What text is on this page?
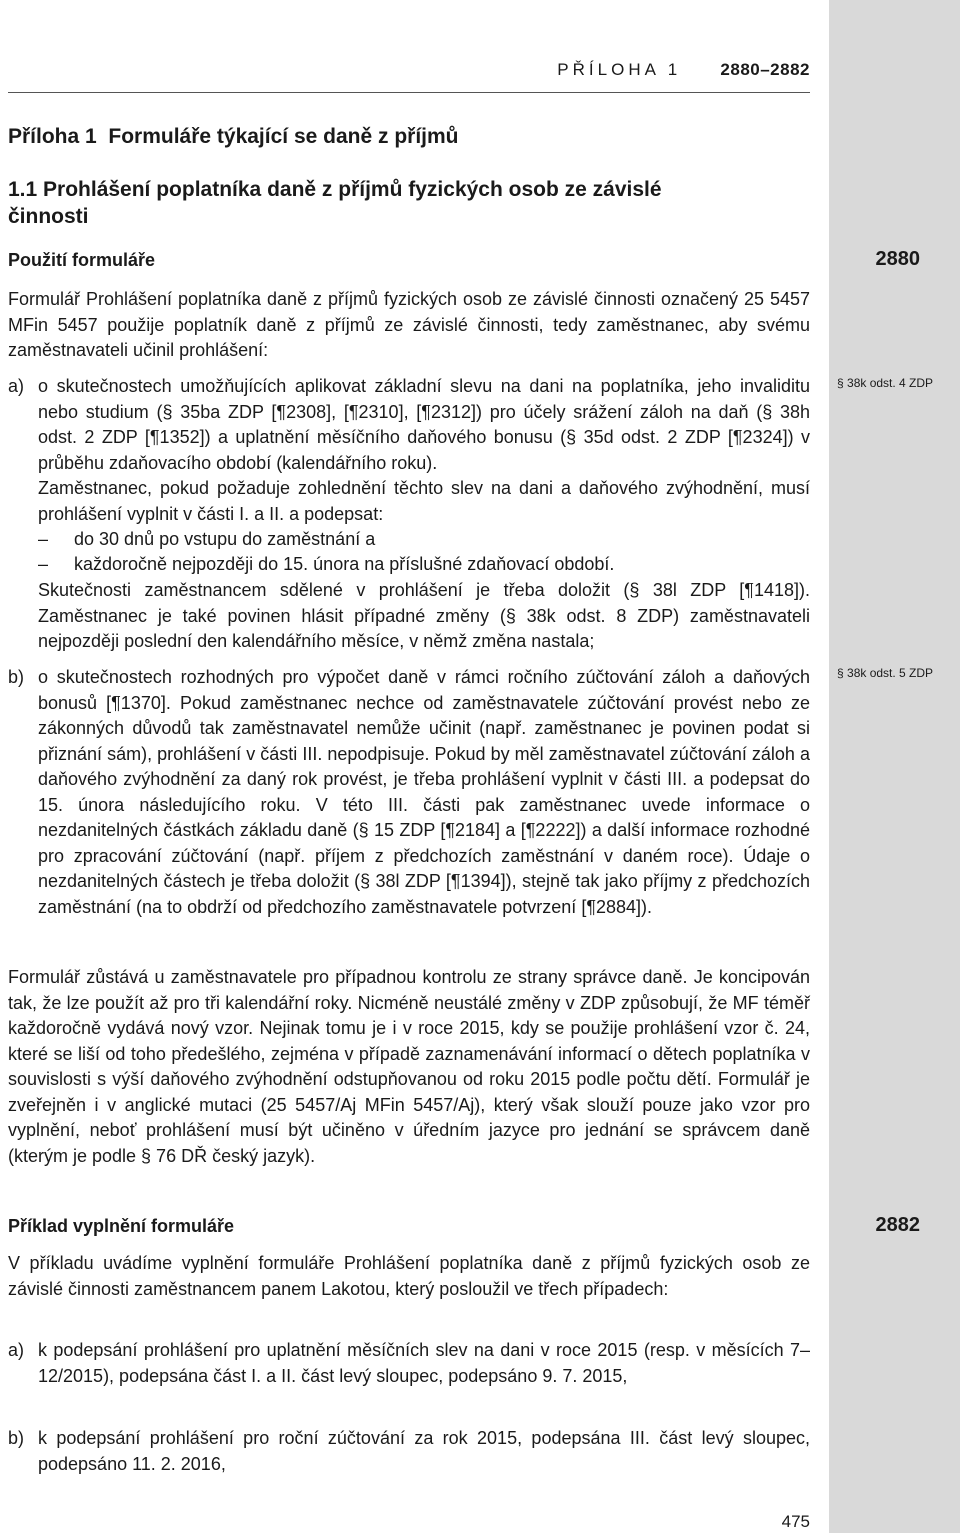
PŘÍLOHA 1 2880–2882
Příloha 1  Formuláře týkající se daně z příjmů
1.1 Prohlášení poplatníka daně z příjmů fyzických osob ze závislé činnosti
Použití formuláře

Formulář Prohlášení poplatníka daně z příjmů fyzických osob ze závislé činnosti označený 25 5457 MFin 5457 použije poplatník daně z příjmů ze závislé činnosti, tedy zaměstnanec, aby svému zaměstnavateli učinil prohlášení:

a) o skutečnostech umožňujících aplikovat základní slevu na dani na poplatníka, jeho invaliditu nebo studium (§ 35ba ZDP [¶2308], [¶2310], [¶2312]) pro účely srážení záloh na daň (§ 38h odst. 2 ZDP [¶1352]) a uplatnění měsíčního daňového bonusu (§ 35d odst. 2 ZDP [¶2324]) v průběhu zdaňovacího období (kalendářního roku).

Zaměstnanec, pokud požaduje zohlednění těchto slev na dani a daňového zvýhodnění, musí prohlášení vyplnit v části I. a II. a podepsat:

– do 30 dnů po vstupu do zaměstnání a

– každoročně nejpozději do 15. února na příslušné zdaňovací období.

Skutečnosti zaměstnancem sdělené v prohlášení je třeba doložit (§ 38l ZDP [¶1418]). Zaměstnanec je také povinen hlásit případné změny (§ 38k odst. 8 ZDP) zaměstnavateli nejpozději poslední den kalendářního měsíce, v němž změna nastala;

b) o skutečnostech rozhodných pro výpočet daně v rámci ročního zúčtování záloh a daňových bonusů [¶1370]. Pokud zaměstnanec nechce od zaměstnavatele zúčtování provést nebo ze zákonných důvodů tak zaměstnavatel nemůže učinit (např. zaměstnanec je povinen podat si přiznání sám), prohlášení v části III. nepodpisuje. Pokud by měl zaměstnavatel zúčtování záloh a daňového zvýhodnění za daný rok provést, je třeba prohlášení vyplnit v části III. a podepsat do 15. února následujícího roku. V této III. části pak zaměstnanec uvede informace o nezdanitelných částkách základu daně (§ 15 ZDP [¶2184] a [¶2222]) a další informace rozhodné pro zpracování zúčtování (např. příjem z předchozích zaměstnání v daném roce). Údaje o nezdanitelných částech je třeba doložit (§ 38l ZDP [¶1394]), stejně tak jako příjmy z předchozích zaměstnání (na to obdrží od předchozího zaměstnavatele potvrzení [¶2884]).

Formulář zůstává u zaměstnavatele pro případnou kontrolu ze strany správce daně. Je koncipován tak, že lze použít až pro tři kalendářní roky. Nicméně neustálé změny v ZDP způsobují, že MF téměř každoročně vydává nový vzor. Nejinak tomu je i v roce 2015, kdy se použije prohlášení vzor č. 24, které se liší od toho předešlého, zejména v případě zaznamenávání informací o dětech poplatníka v souvislosti s výší daňového zvýhodnění odstupňovanou od roku 2015 podle počtu dětí. Formulář je zveřejněn i v anglické mutaci (25 5457/Aj MFin 5457/Aj), který však slouží pouze jako vzor pro vyplnění, neboť prohlášení musí být učiněno v úředním jazyce pro jednání se správcem daně (kterým je podle § 76 DŘ český jazyk).

Příklad vyplnění formuláře

V příkladu uvádíme vyplnění formuláře Prohlášení poplatníka daně z příjmů fyzických osob ze závislé činnosti zaměstnancem panem Lakotou, který posloužil ve třech případech:

a) k podepsání prohlášení pro uplatnění měsíčních slev na dani v roce 2015 (resp. v měsících 7–12/2015), podepsána část I. a II. část levý sloupec, podepsáno 9. 7. 2015,

b) k podepsání prohlášení pro roční zúčtování za rok 2015, podepsána III. část levý sloupec, podepsáno 11. 2. 2016,

2880
§ 38k odst. 4 ZDP
§ 38k odst. 5 ZDP
2882
475
